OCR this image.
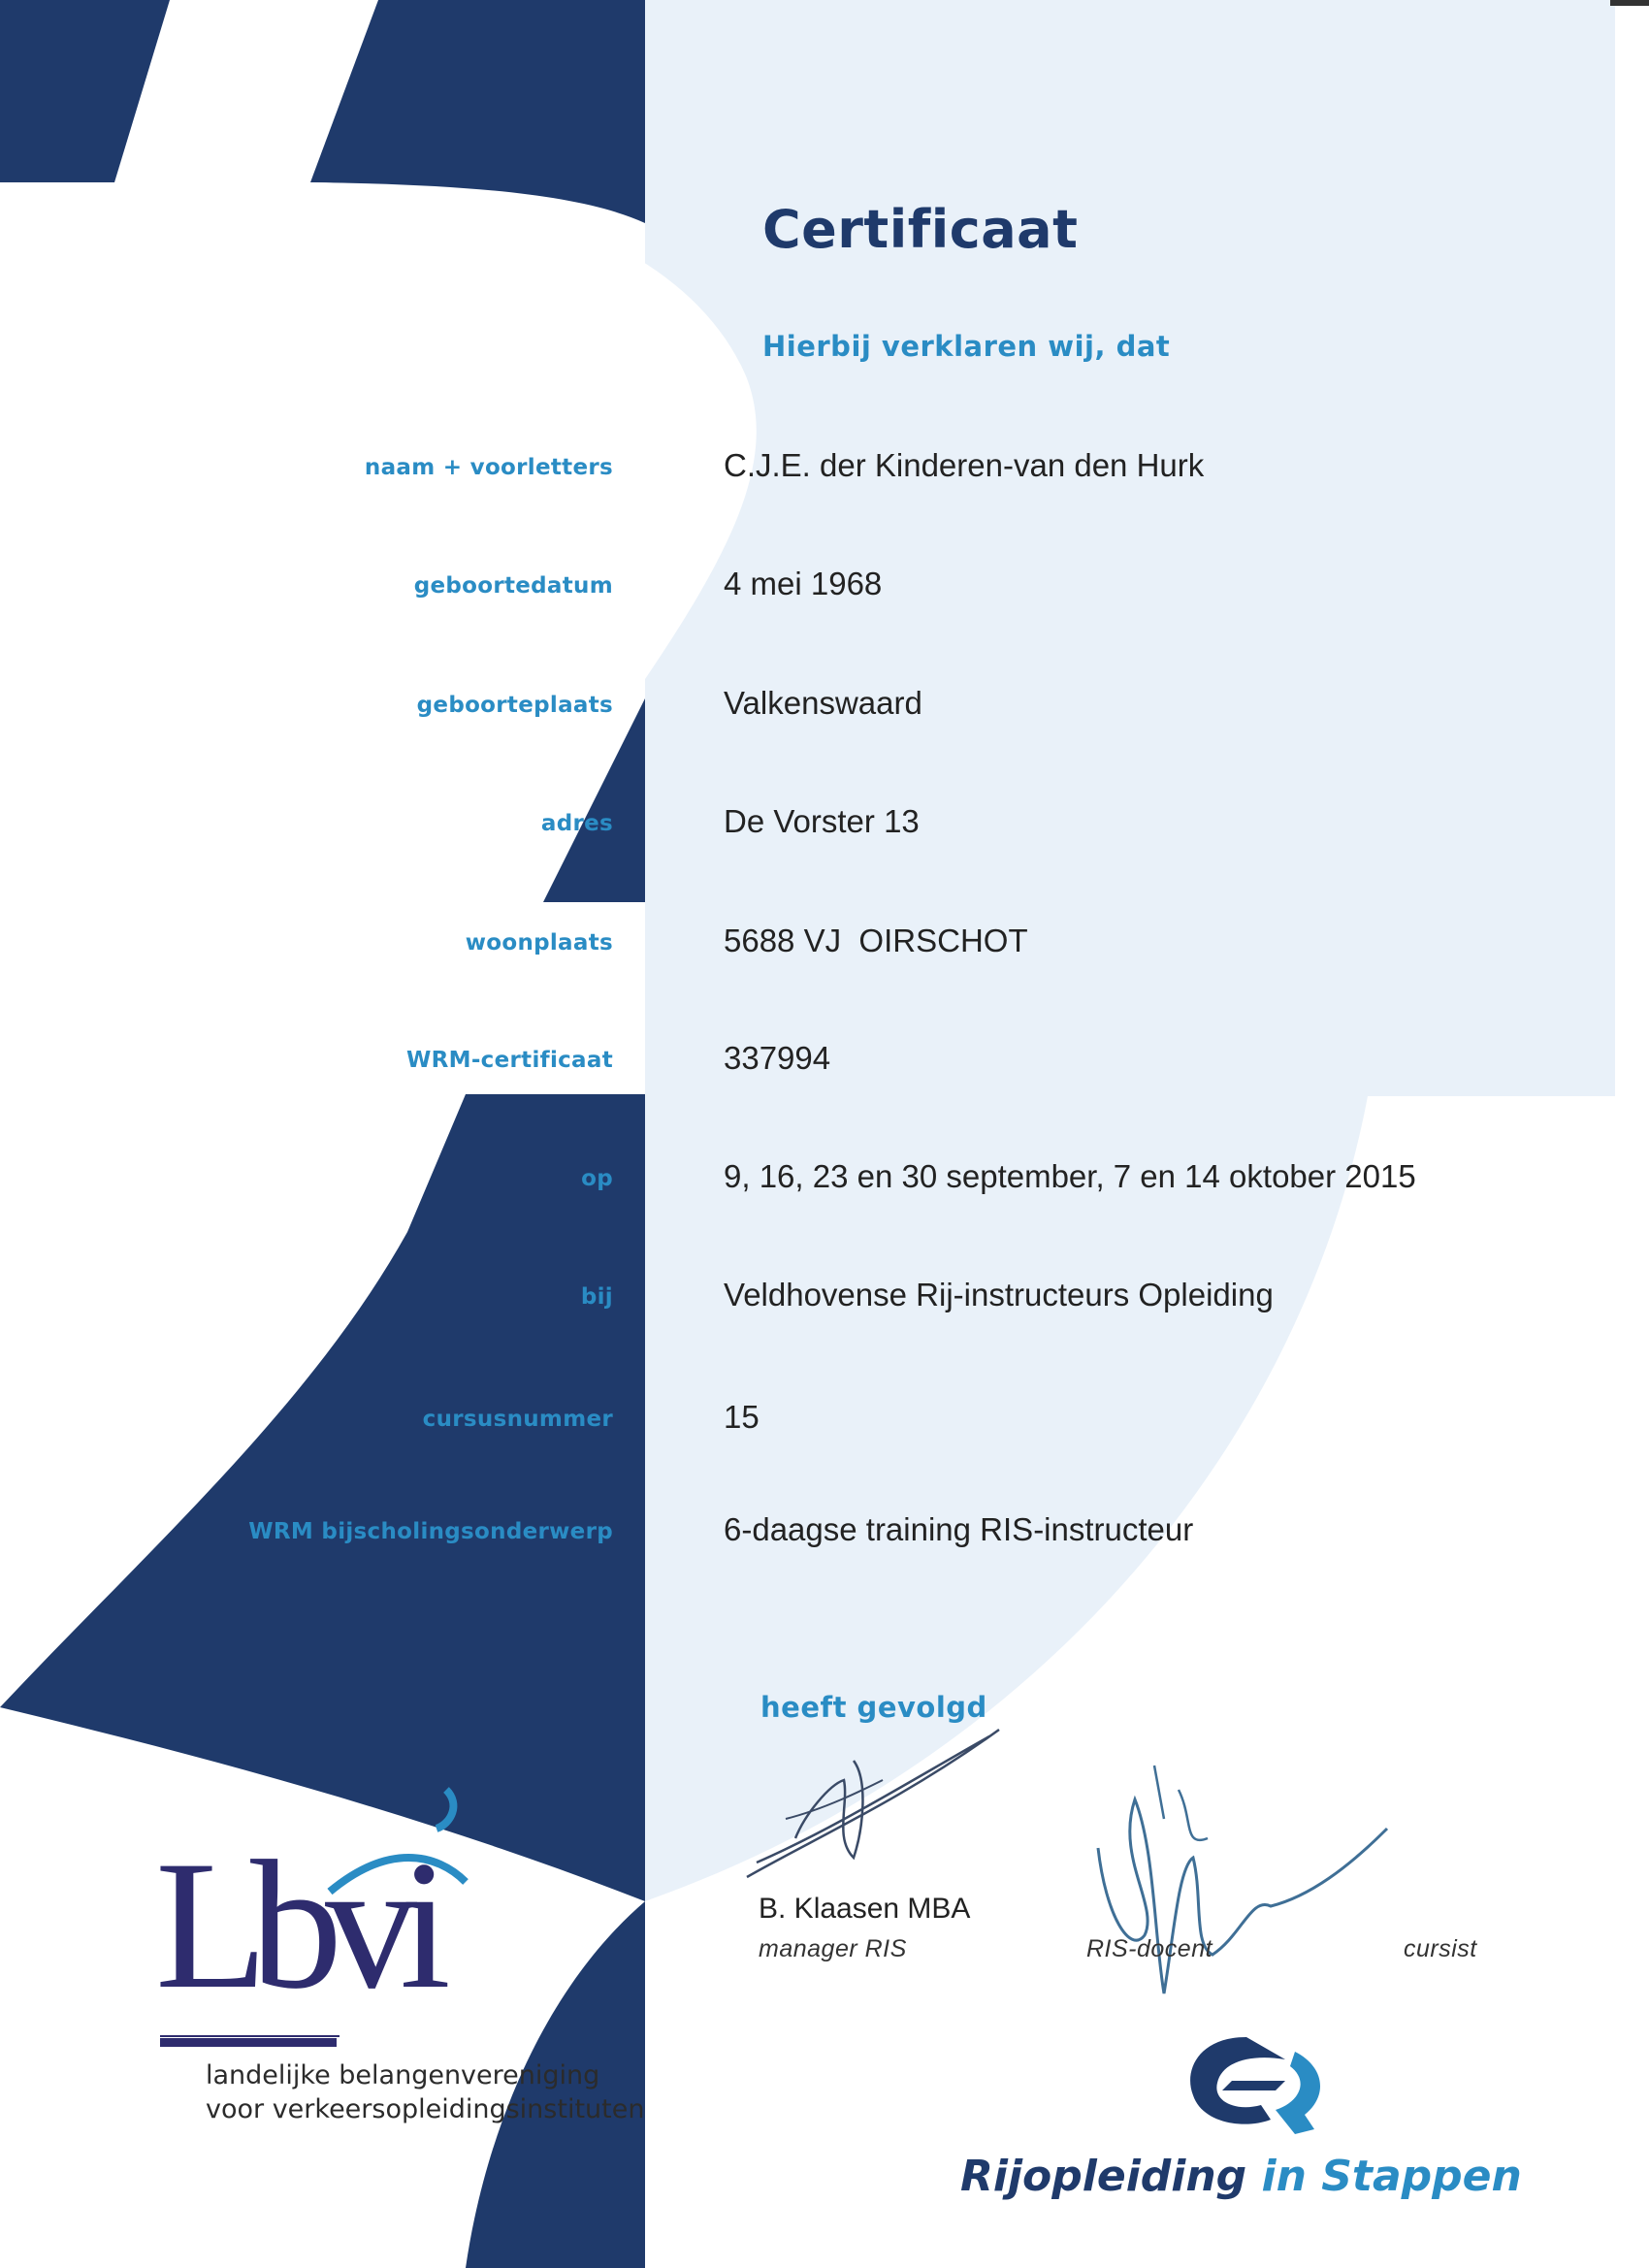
Certificaat
Hierbij verklaren wij, dat
naam + voorletters	C.J.E. der Kinderen-van den Hurk
geboortedatum	4 mei 1968
geboorteplaats	Valkenswaard
adres	De Vorster 13
woonplaats	5688 VJ  OIRSCHOT
WRM-certificaat	337994
op	9, 16, 23 en 30 september, 7 en 14 oktober 2015
bij	Veldhovense Rij-instructeurs Opleiding
cursusnummer	15
WRM bijscholingsonderwerp	6-daagse training RIS-instructeur
heeft gevolgd
B. Klaasen MBA
manager RIS	RIS-docent	cursist
Lbvi
landelijke belangenvereniging
voor verkeersopleidingsinstituten
Rijopleiding in Stappen
